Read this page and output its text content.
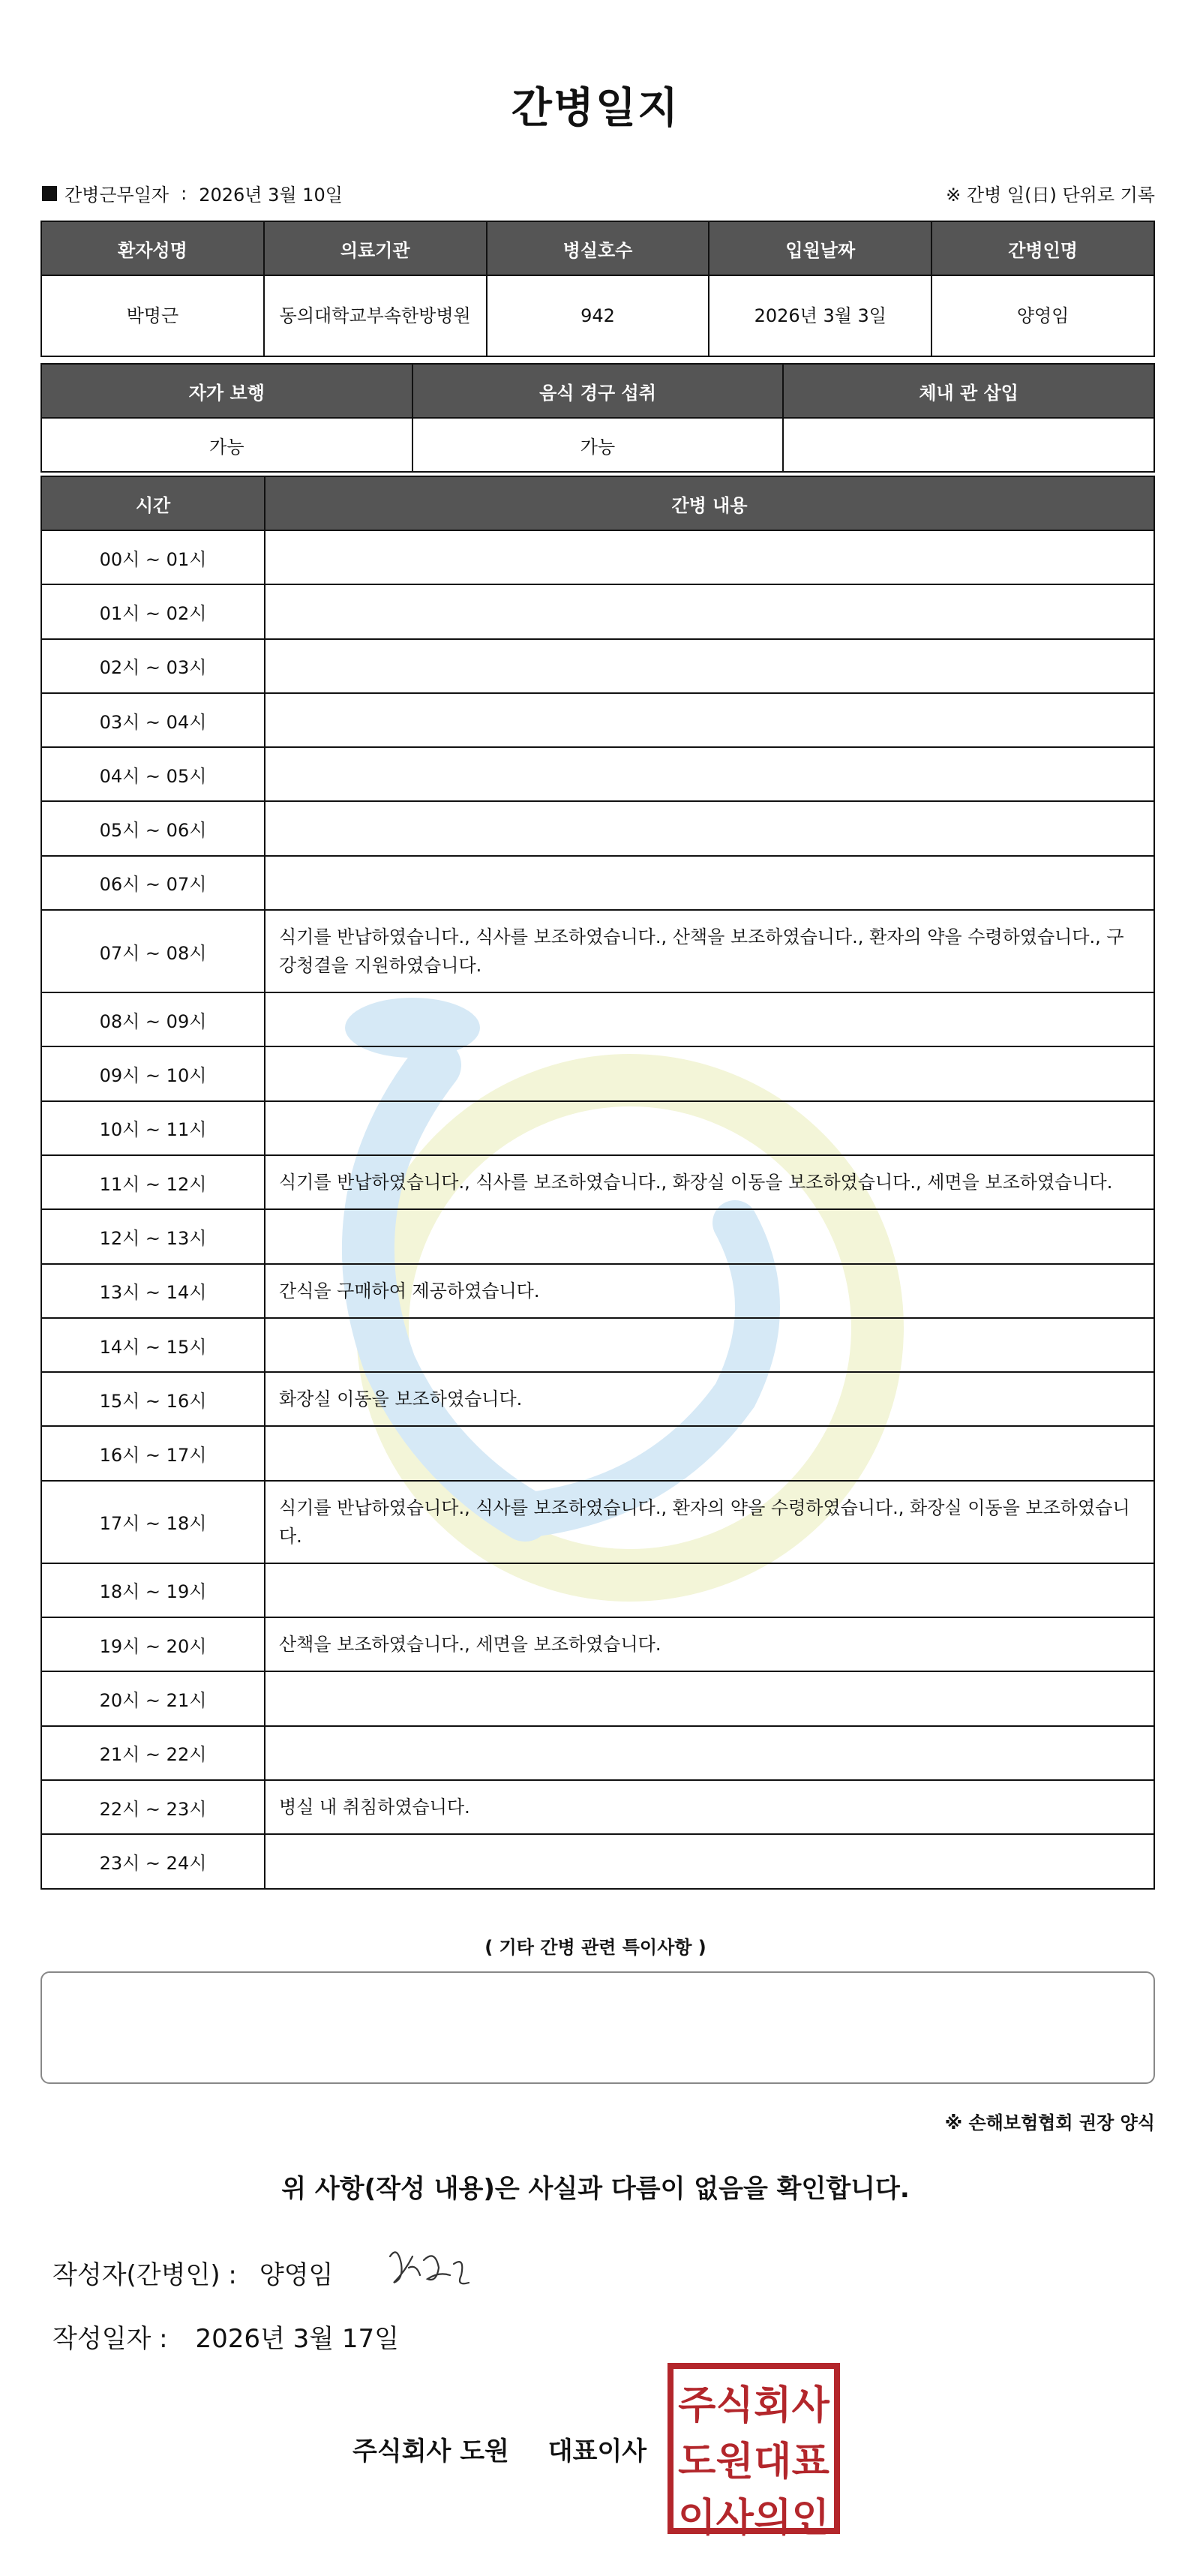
간병일지
간병근무일자 : 2026년 3월 10일	※ 간병 일(日) 단위로 기록
환자성명	의료기관	병실호수	입원날짜	간병인명
박명근	동의대학교부속한방병원	942	2026년 3월 3일	양영임
자가 보행	음식 경구 섭취	체내 관 삽입
가능	가능	
시간	간병 내용
00시 ~ 01시	
01시 ~ 02시	
02시 ~ 03시	
03시 ~ 04시	
04시 ~ 05시	
05시 ~ 06시	
06시 ~ 07시	
07시 ~ 08시	식기를 반납하였습니다., 식사를 보조하였습니다., 산책을 보조하였습니다., 환자의 약을 수령하였습니다., 구강청결을 지원하였습니다.
08시 ~ 09시	
09시 ~ 10시	
10시 ~ 11시	
11시 ~ 12시	식기를 반납하였습니다., 식사를 보조하였습니다., 화장실 이동을 보조하였습니다., 세면을 보조하였습니다.
12시 ~ 13시	
13시 ~ 14시	간식을 구매하여 제공하였습니다.
14시 ~ 15시	
15시 ~ 16시	화장실 이동을 보조하였습니다.
16시 ~ 17시	
17시 ~ 18시	식기를 반납하였습니다., 식사를 보조하였습니다., 환자의 약을 수령하였습니다., 화장실 이동을 보조하였습니다.
18시 ~ 19시	
19시 ~ 20시	산책을 보조하였습니다., 세면을 보조하였습니다.
20시 ~ 21시	
21시 ~ 22시	
22시 ~ 23시	병실 내 취침하였습니다.
23시 ~ 24시	
( 기타 간병 관련 특이사항 )
※ 손해보험협회 권장 양식
위 사항(작성 내용)은 사실과 다름이 없음을 확인합니다.
작성자(간병인) : 양영임
작성일자 : 2026년 3월 17일
주식회사 도원 대표이사
주 식 회 사
도 원 대 표
이 사 의 인
